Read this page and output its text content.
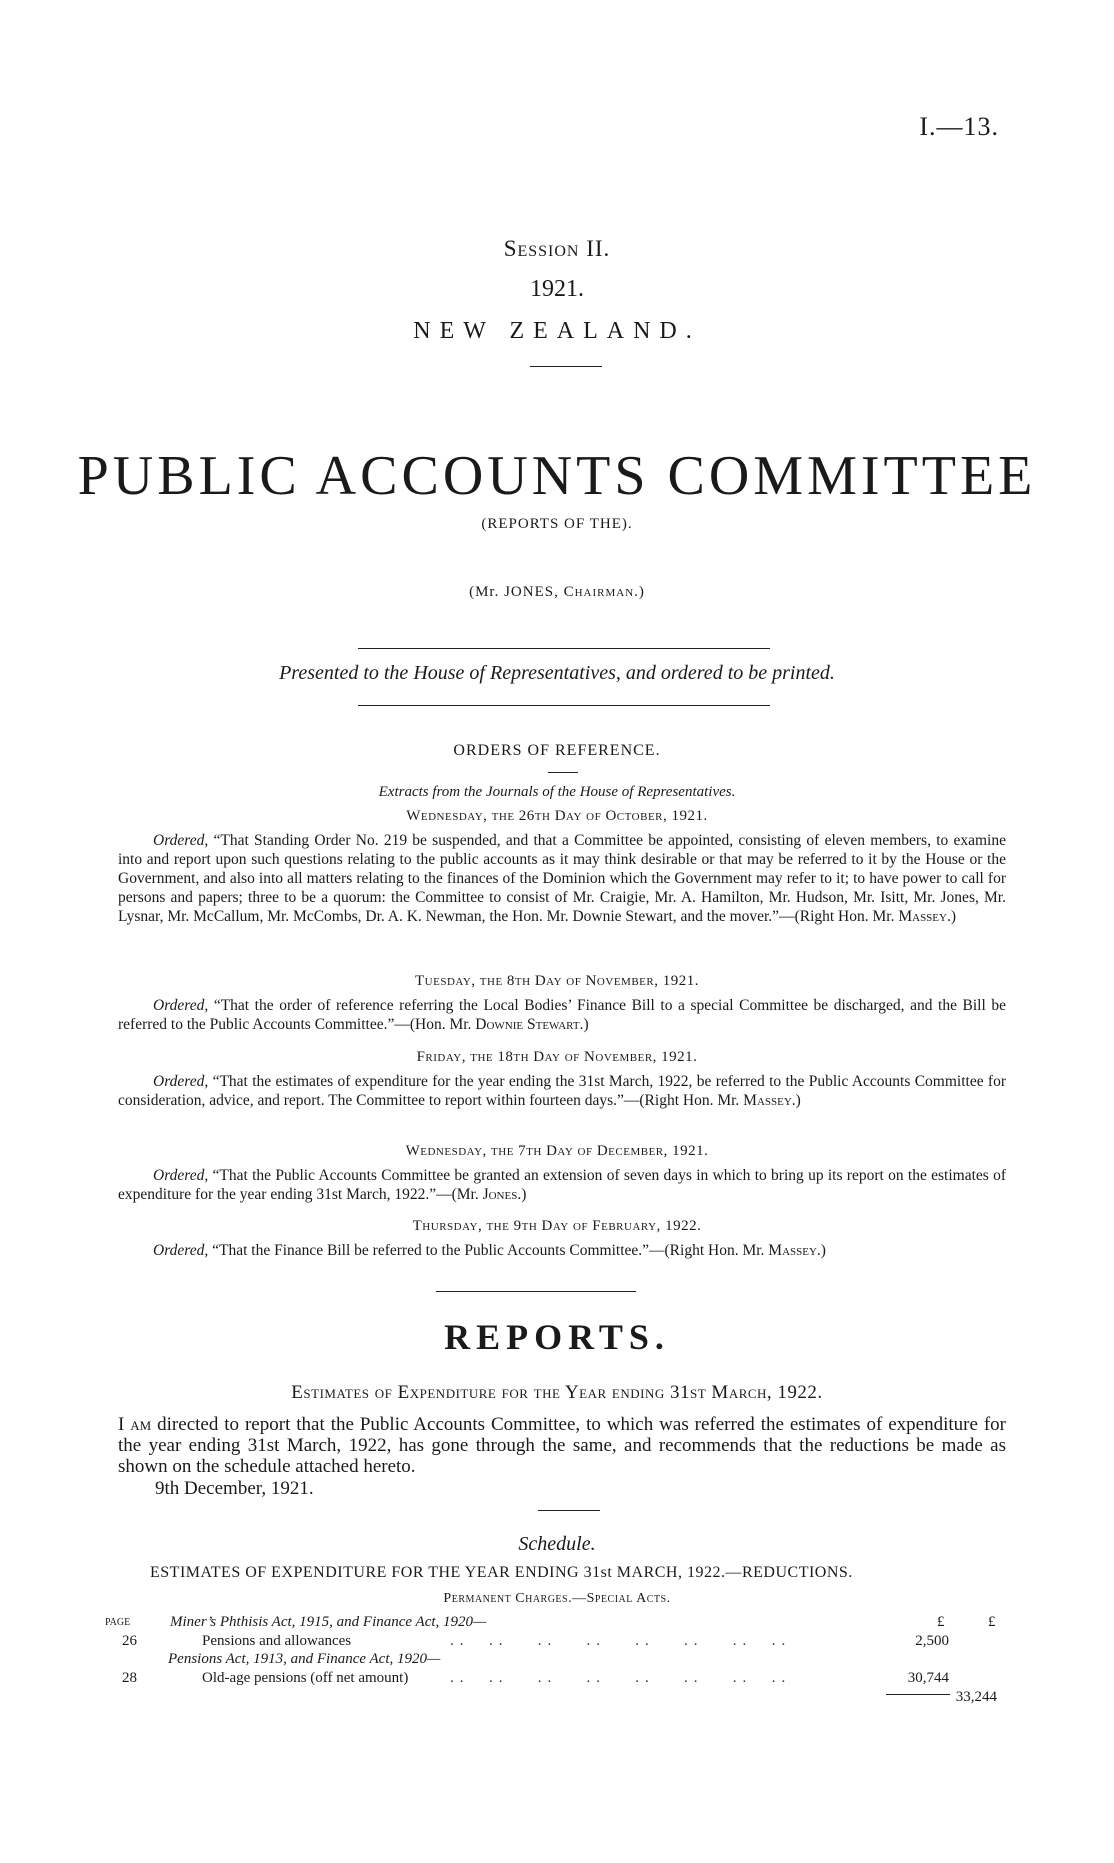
I.—13.
Session II.
1921.
NEW ZEALAND.
PUBLIC ACCOUNTS COMMITTEE
(REPORTS OF THE).
(Mr. JONES, Chairman.)
Presented to the House of Representatives, and ordered to be printed.
ORDERS OF REFERENCE.
Extracts from the Journals of the House of Representatives.
Wednesday, the 26th Day of October, 1921.
Ordered, “That Standing Order No. 219 be suspended, and that a Committee be appointed, consisting of eleven members, to examine into and report upon such questions relating to the public accounts as it may think desirable or that may be referred to it by the House or the Government, and also into all matters relating to the finances of the Dominion which the Government may refer to it; to have power to call for persons and papers; three to be a quorum: the Committee to consist of Mr. Craigie, Mr. A. Hamilton, Mr. Hudson, Mr. Isitt, Mr. Jones, Mr. Lysnar, Mr. McCallum, Mr. McCombs, Dr. A. K. Newman, the Hon. Mr. Downie Stewart, and the mover.”—(Right Hon. Mr. Massey.)
Tuesday, the 8th Day of November, 1921.
Ordered, “That the order of reference referring the Local Bodies’ Finance Bill to a special Committee be discharged, and the Bill be referred to the Public Accounts Committee.”—(Hon. Mr. Downie Stewart.)
Friday, the 18th Day of November, 1921.
Ordered, “That the estimates of expenditure for the year ending the 31st March, 1922, be referred to the Public Accounts Committee for consideration, advice, and report. The Committee to report within fourteen days.”—(Right Hon. Mr. Massey.)
Wednesday, the 7th Day of December, 1921.
Ordered, “That the Public Accounts Committee be granted an extension of seven days in which to bring up its report on the estimates of expenditure for the year ending 31st March, 1922.”—(Mr. Jones.)
Thursday, the 9th Day of February, 1922.
Ordered, “That the Finance Bill be referred to the Public Accounts Committee.”—(Right Hon. Mr. Massey.)
REPORTS.
Estimates of Expenditure for the Year ending 31st March, 1922.
I am directed to report that the Public Accounts Committee, to which was referred the estimates of expenditure for the year ending 31st March, 1922, has gone through the same, and recommends that the reductions be made as shown on the schedule attached hereto.
9th December, 1921.
Schedule.
ESTIMATES OF EXPENDITURE FOR THE YEAR ENDING 31st MARCH, 1922.—REDUCTIONS.
Permanent Charges.—Special Acts.
page	Miner’s Phthisis Act, 1915, and Finance Act, 1920—	£	£
26	Pensions and allowances	..  ..   ..   ..   ..   ..   ..  ..	2,500
Pensions Act, 1913, and Finance Act, 1920—
28	Old-age pensions (off net amount)	..  ..   ..   ..   ..   ..   ..  ..	30,744
33,244
